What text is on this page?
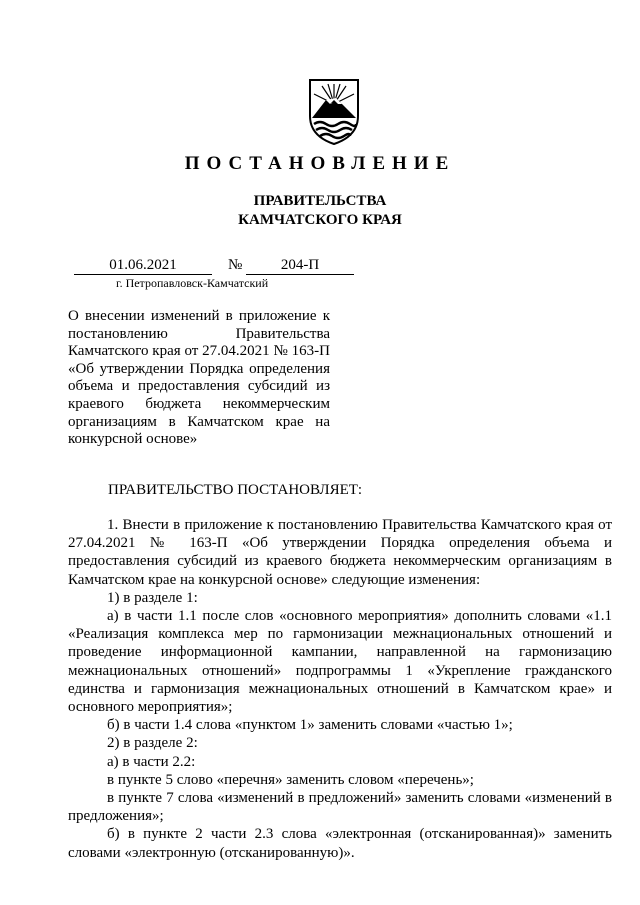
ПОСТАНОВЛЕНИЕ
ПРАВИТЕЛЬСТВА
КАМЧАТСКОГО КРАЯ
01.06.2021	№	204-П
г. Петропавловск-Камчатский
О внесении изменений в приложение к
постановлению Правительства
Камчатского края от 27.04.2021 № 163-П
«Об утверждении Порядка определения
объема и предоставления субсидий из
краевого бюджета некоммерческим
организациям в Камчатском крае на
конкурсной основе»
ПРАВИТЕЛЬСТВО ПОСТАНОВЛЯЕТ:

1. Внести в приложение к постановлению Правительства Камчатского края от 27.04.2021 № 163-П «Об утверждении Порядка определения объема и предоставления субсидий из краевого бюджета некоммерческим организациям в Камчатском крае на конкурсной основе» следующие изменения:

1) в разделе 1:

а) в части 1.1 после слов «основного мероприятия» дополнить словами «1.1 «Реализация комплекса мер по гармонизации межнациональных отношений и проведение информационной кампании, направленной на гармонизацию межнациональных отношений» подпрограммы 1 «Укрепление гражданского единства и гармонизация межнациональных отношений в Камчатском крае» и основного мероприятия»;

б) в части 1.4 слова «пунктом 1» заменить словами «частью 1»;

2) в разделе 2:

а) в части 2.2:

в пункте 5 слово «перечня» заменить словом «перечень»;

в пункте 7 слова «изменений в предложений» заменить словами «изменений в предложения»;

б) в пункте 2 части 2.3 слова «электронная (отсканированная)» заменить словами «электронную (отсканированную)».
